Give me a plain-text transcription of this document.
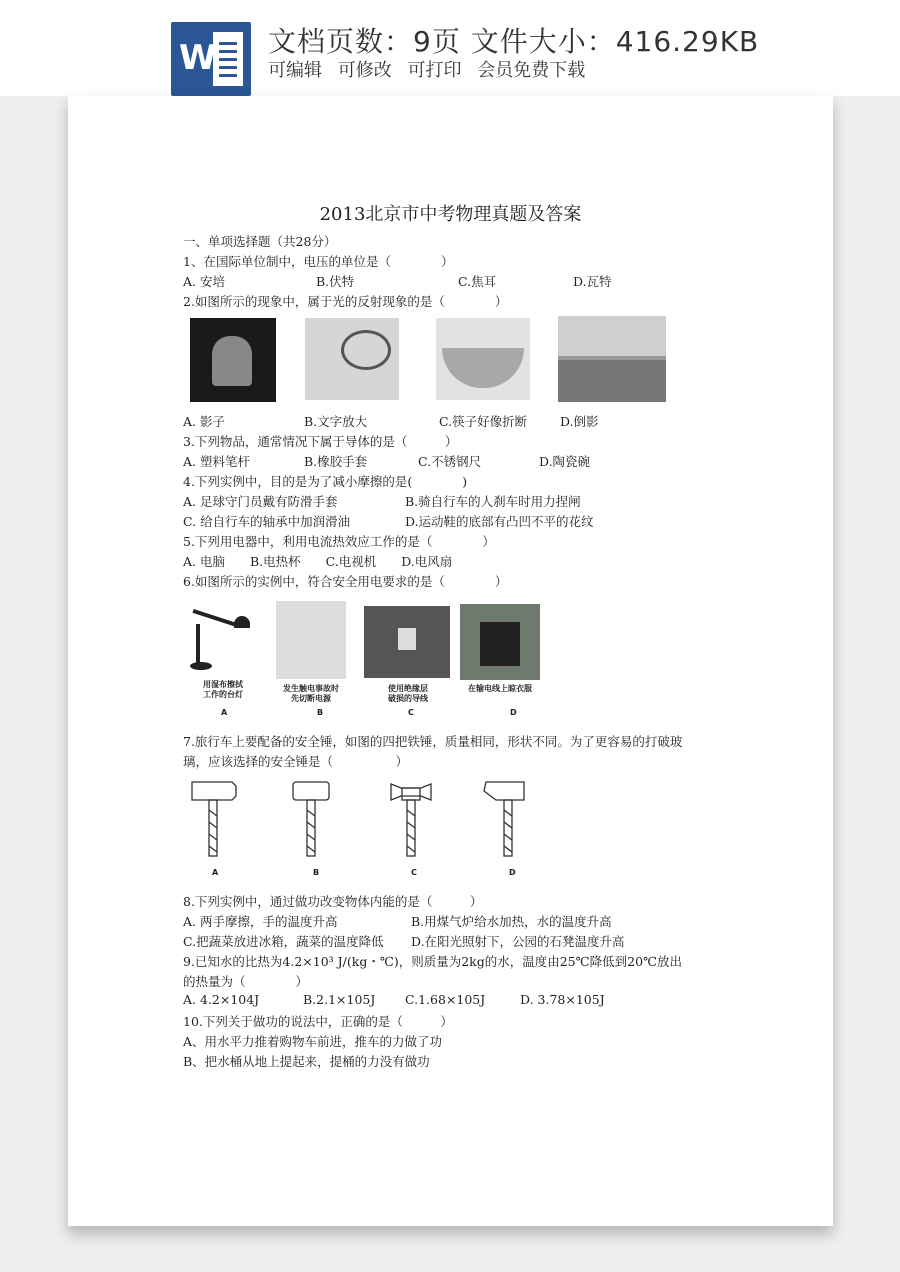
W 文档页数：9页 文件大小：416.29KB
可编辑 可修改 可打印 会员免费下载
2013北京市中考物理真题及答案
一、单项选择题（共28分）
1、在国际单位制中，电压的单位是（　　　　）
A. 安培	B.伏特	C.焦耳	D.瓦特
2.如图所示的现象中，属于光的反射现象的是（　　　　）
A. 影子	B.文字放大	C.筷子好像折断	D.倒影
3.下列物品，通常情况下属于导体的是（　　　）
A. 塑料笔杆	B.橡胶手套	C.不锈钢尺	D.陶瓷碗
4.下列实例中，目的是为了减小摩擦的是(　　　　)
A. 足球守门员戴有防滑手套	B.骑自行车的人刹车时用力捏闸
C. 给自行车的轴承中加润滑油	D.运动鞋的底部有凸凹不平的花纹
5.下列用电器中，利用电流热效应工作的是（　　　　）
A. 电脑　　B.电热杯　　C.电视机　　D.电风扇
6.如图所示的实例中，符合安全用电要求的是（　　　　）
用湿布擦拭
工作的台灯
发生触电事故时
先切断电源
使用绝缘层
破损的导线
在输电线上晾衣服
A	B	C	D
7.旅行车上要配备的安全锤，如图的四把铁锤，质量相同，形状不同。为了更容易的打破玻
璃，应该选择的安全锤是（　　　　　）
A	B	C	D
8.下列实例中，通过做功改变物体内能的是（　　　）
A. 两手摩擦，手的温度升高	B.用煤气炉给水加热，水的温度升高
C.把蔬菜放进冰箱，蔬菜的温度降低 D.在阳光照射下，公园的石凳温度升高
9.已知水的比热为4.2×10³ J/(kg・℃)，则质量为2kg的水，温度由25℃降低到20℃放出
的热量为（　　　　）
A. 4.2×104J	B.2.1×105J C.1.68×105J	D. 3.78×105J
10.下列关于做功的说法中，正确的是（　　　）
A、用水平力推着购物车前进，推车的力做了功
B、把水桶从地上提起来，提桶的力没有做功
